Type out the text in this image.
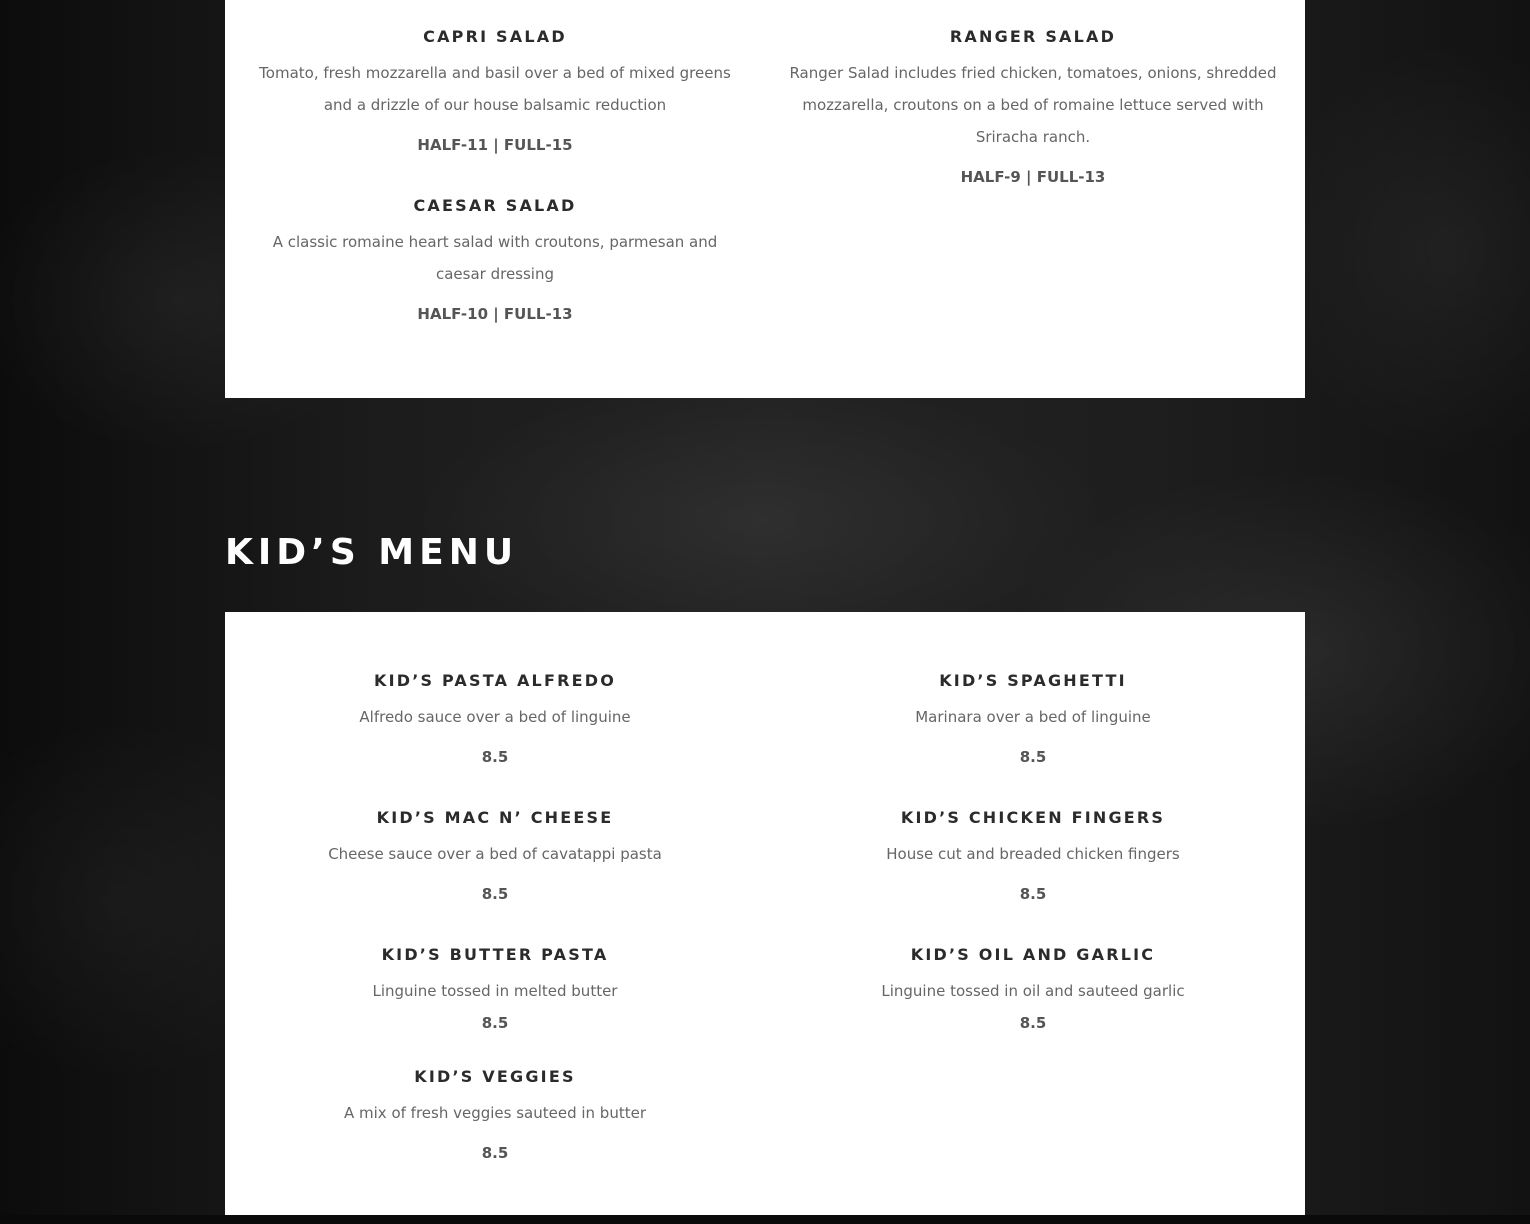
CAPRI SALAD
Tomato, fresh mozzarella and basil over a bed of mixed greens and a drizzle of our house balsamic reduction
HALF-11 | FULL-15
CAESAR SALAD
A classic romaine heart salad with croutons, parmesan and caesar dressing
HALF-10 | FULL-13
RANGER SALAD
Ranger Salad includes fried chicken, tomatoes, onions, shredded mozzarella, croutons on a bed of romaine lettuce served with Sriracha ranch.
HALF-9 | FULL-13
KID’S MENU
KID’S PASTA ALFREDO
Alfredo sauce over a bed of linguine
8.5
KID’S MAC N’ CHEESE
Cheese sauce over a bed of cavatappi pasta
8.5
KID’S BUTTER PASTA
Linguine tossed in melted butter
8.5
KID’S VEGGIES
A mix of fresh veggies sauteed in butter
8.5
KID’S SPAGHETTI
Marinara over a bed of linguine
8.5
KID’S CHICKEN FINGERS
House cut and breaded chicken fingers
8.5
KID’S OIL AND GARLIC
Linguine tossed in oil and sauteed garlic
8.5
